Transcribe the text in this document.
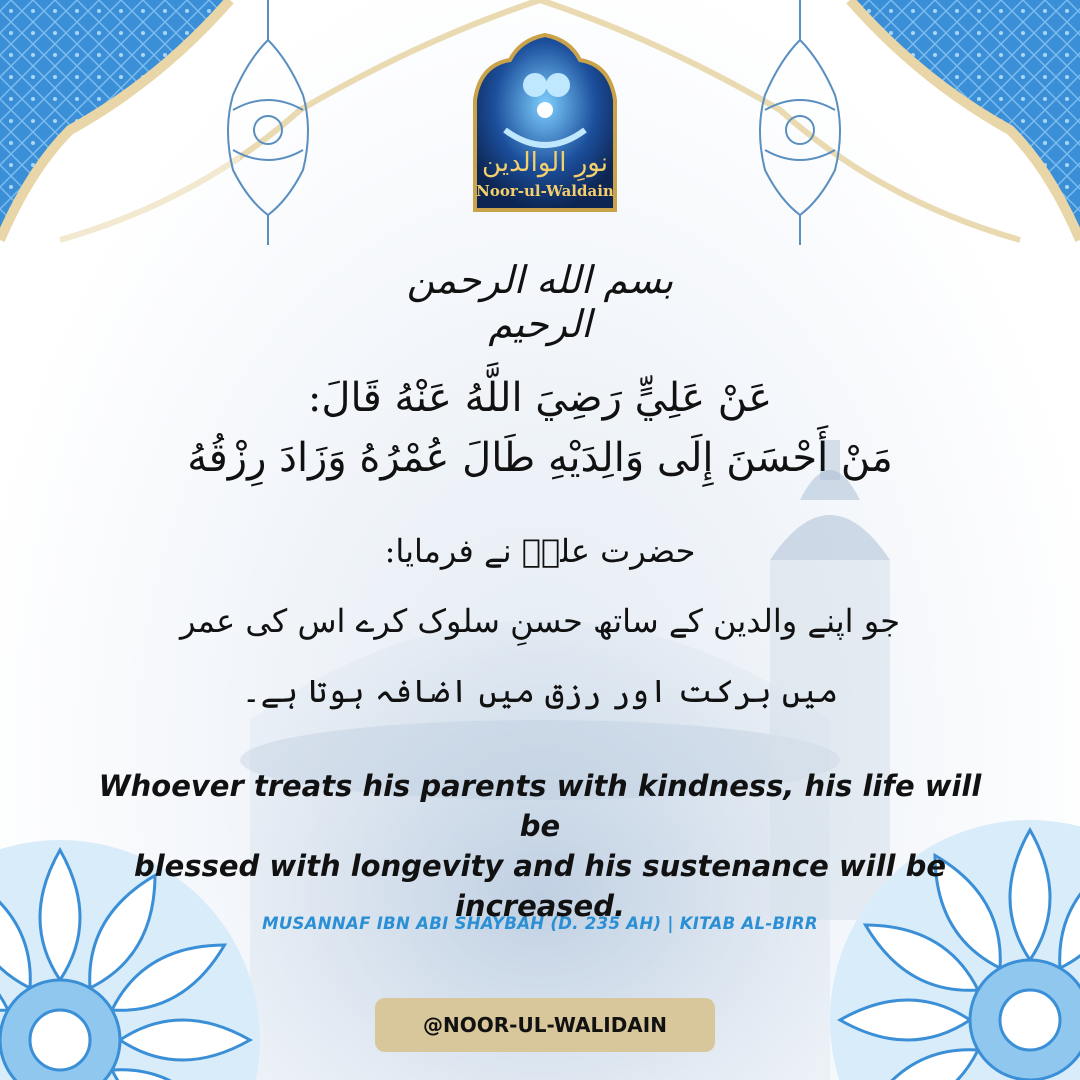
نورِ الوالدین
Noor-ul-Waldain
بسم الله الرحمن الرحيم
عَنْ عَلِيٍّ رَضِيَ اللَّهُ عَنْهُ قَالَ:
مَنْ أَحْسَنَ إِلَى وَالِدَيْهِ طَالَ عُمْرُهُ وَزَادَ رِزْقُهُ
حضرت علیؓ نے فرمایا:
جو اپنے والدین کے ساتھ حسنِ سلوک کرے اس کی عمر
میں برکت اور رزق میں اضافہ ہوتا ہے۔
Whoever treats his parents with kindness, his life will be
blessed with longevity and his sustenance will be
increased.
MUSANNAF IBN ABI SHAYBAH (D. 235 AH) | KITAB AL-BIRR
@NOOR-UL-WALIDAIN
